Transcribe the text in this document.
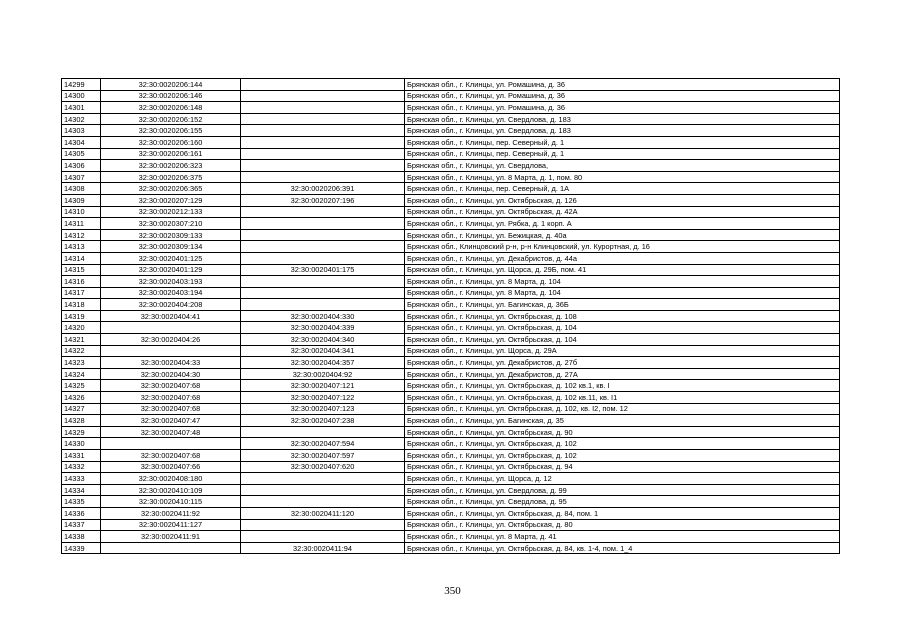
14299	32:30:0020206:144		Брянская обл., г. Клинцы, ул. Ромашина, д. 36
14300	32:30:0020206:146		Брянская обл., г. Клинцы, ул. Ромашина, д. 36
14301	32:30:0020206:148		Брянская обл., г. Клинцы, ул. Ромашина, д. 36
14302	32:30:0020206:152		Брянская обл., г. Клинцы, ул. Свердлова, д. 183
14303	32:30:0020206:155		Брянская обл., г. Клинцы, ул. Свердлова, д. 183
14304	32:30:0020206:160		Брянская обл., г. Клинцы, пер. Северный, д. 1
14305	32:30:0020206:161		Брянская обл., г. Клинцы, пер. Северный, д. 1
14306	32:30:0020206:323		Брянская обл., г. Клинцы, ул. Свердлова,
14307	32:30:0020206:375		Брянская обл., г. Клинцы, ул. 8 Марта, д. 1, пом. 80
14308	32:30:0020206:365	32:30:0020206:391	Брянская обл., г. Клинцы, пер. Северный, д. 1А
14309	32:30:0020207:129	32:30:0020207:196	Брянская обл., г. Клинцы, ул. Октябрьская, д. 126
14310	32:30:0020212:133		Брянская обл., г. Клинцы, ул. Октябрьская, д. 42А
14311	32:30:0020307:210		Брянская обл., г. Клинцы, ул. Рябка, д. 1 корп. А
14312	32:30:0020309:133		Брянская обл., г. Клинцы, ул. Бежицкая, д. 40а
14313	32:30:0020309:134		Брянская обл., Клинцовский р-н, р-н Клинцовский, ул. Курортная, д. 16
14314	32:30:0020401:125		Брянская обл., г. Клинцы, ул. Декабристов, д. 44а
14315	32:30:0020401:129	32:30:0020401:175	Брянская обл., г. Клинцы, ул. Щорса, д. 29Б, пом. 41
14316	32:30:0020403:193		Брянская обл., г. Клинцы, ул. 8 Марта, д. 104
14317	32:30:0020403:194		Брянская обл., г. Клинцы, ул. 8 Марта, д. 104
14318	32:30:0020404:208		Брянская обл., г. Клинцы, ул. Багинская, д. 36Б
14319	32:30:0020404:41	32:30:0020404:330	Брянская обл., г. Клинцы, ул. Октябрьская, д. 108
14320		32:30:0020404:339	Брянская обл., г. Клинцы, ул. Октябрьская, д. 104
14321	32:30:0020404:26	32:30:0020404:340	Брянская обл., г. Клинцы, ул. Октябрьская, д. 104
14322		32:30:0020404:341	Брянская обл., г. Клинцы, ул. Щорса, д. 29А
14323	32:30:0020404:33	32:30:0020404:357	Брянская обл., г. Клинцы, ул. Декабристов, д. 27б
14324	32:30:0020404:30	32:30:0020404:92	Брянская обл., г. Клинцы, ул. Декабристов, д. 27А
14325	32:30:0020407:68	32:30:0020407:121	Брянская обл., г. Клинцы, ул. Октябрьская, д. 102 кв.1, кв. I
14326	32:30:0020407:68	32:30:0020407:122	Брянская обл., г. Клинцы, ул. Октябрьская, д. 102 кв.11, кв. I1
14327	32:30:0020407:68	32:30:0020407:123	Брянская обл., г. Клинцы, ул. Октябрьская, д. 102, кв. I2, пом. 12
14328	32:30:0020407:47	32:30:0020407:238	Брянская обл., г. Клинцы, ул. Багинская, д. 35
14329	32:30:0020407:48		Брянская обл., г. Клинцы, ул. Октябрьская, д. 90
14330		32:30:0020407:594	Брянская обл., г. Клинцы, ул. Октябрьская, д. 102
14331	32:30:0020407:68	32:30:0020407:597	Брянская обл., г. Клинцы, ул. Октябрьская, д. 102
14332	32:30:0020407:66	32:30:0020407:620	Брянская обл., г. Клинцы, ул. Октябрьская, д. 94
14333	32:30:0020408:180		Брянская обл., г. Клинцы, ул. Щорса, д. 12
14334	32:30:0020410:109		Брянская обл., г. Клинцы, ул. Свердлова, д. 99
14335	32:30:0020410:115		Брянская обл., г. Клинцы, ул. Свердлова, д. 95
14336	32:30:0020411:92	32:30:0020411:120	Брянская обл., г. Клинцы, ул. Октябрьская, д. 84, пом. 1
14337	32:30:0020411:127		Брянская обл., г. Клинцы, ул. Октябрьская, д. 80
14338	32:30:0020411:91		Брянская обл., г. Клинцы, ул. 8 Марта, д. 41
14339		32:30:0020411:94	Брянская обл., г. Клинцы, ул. Октябрьская, д. 84, кв. 1-4, пом. 1_4
350
